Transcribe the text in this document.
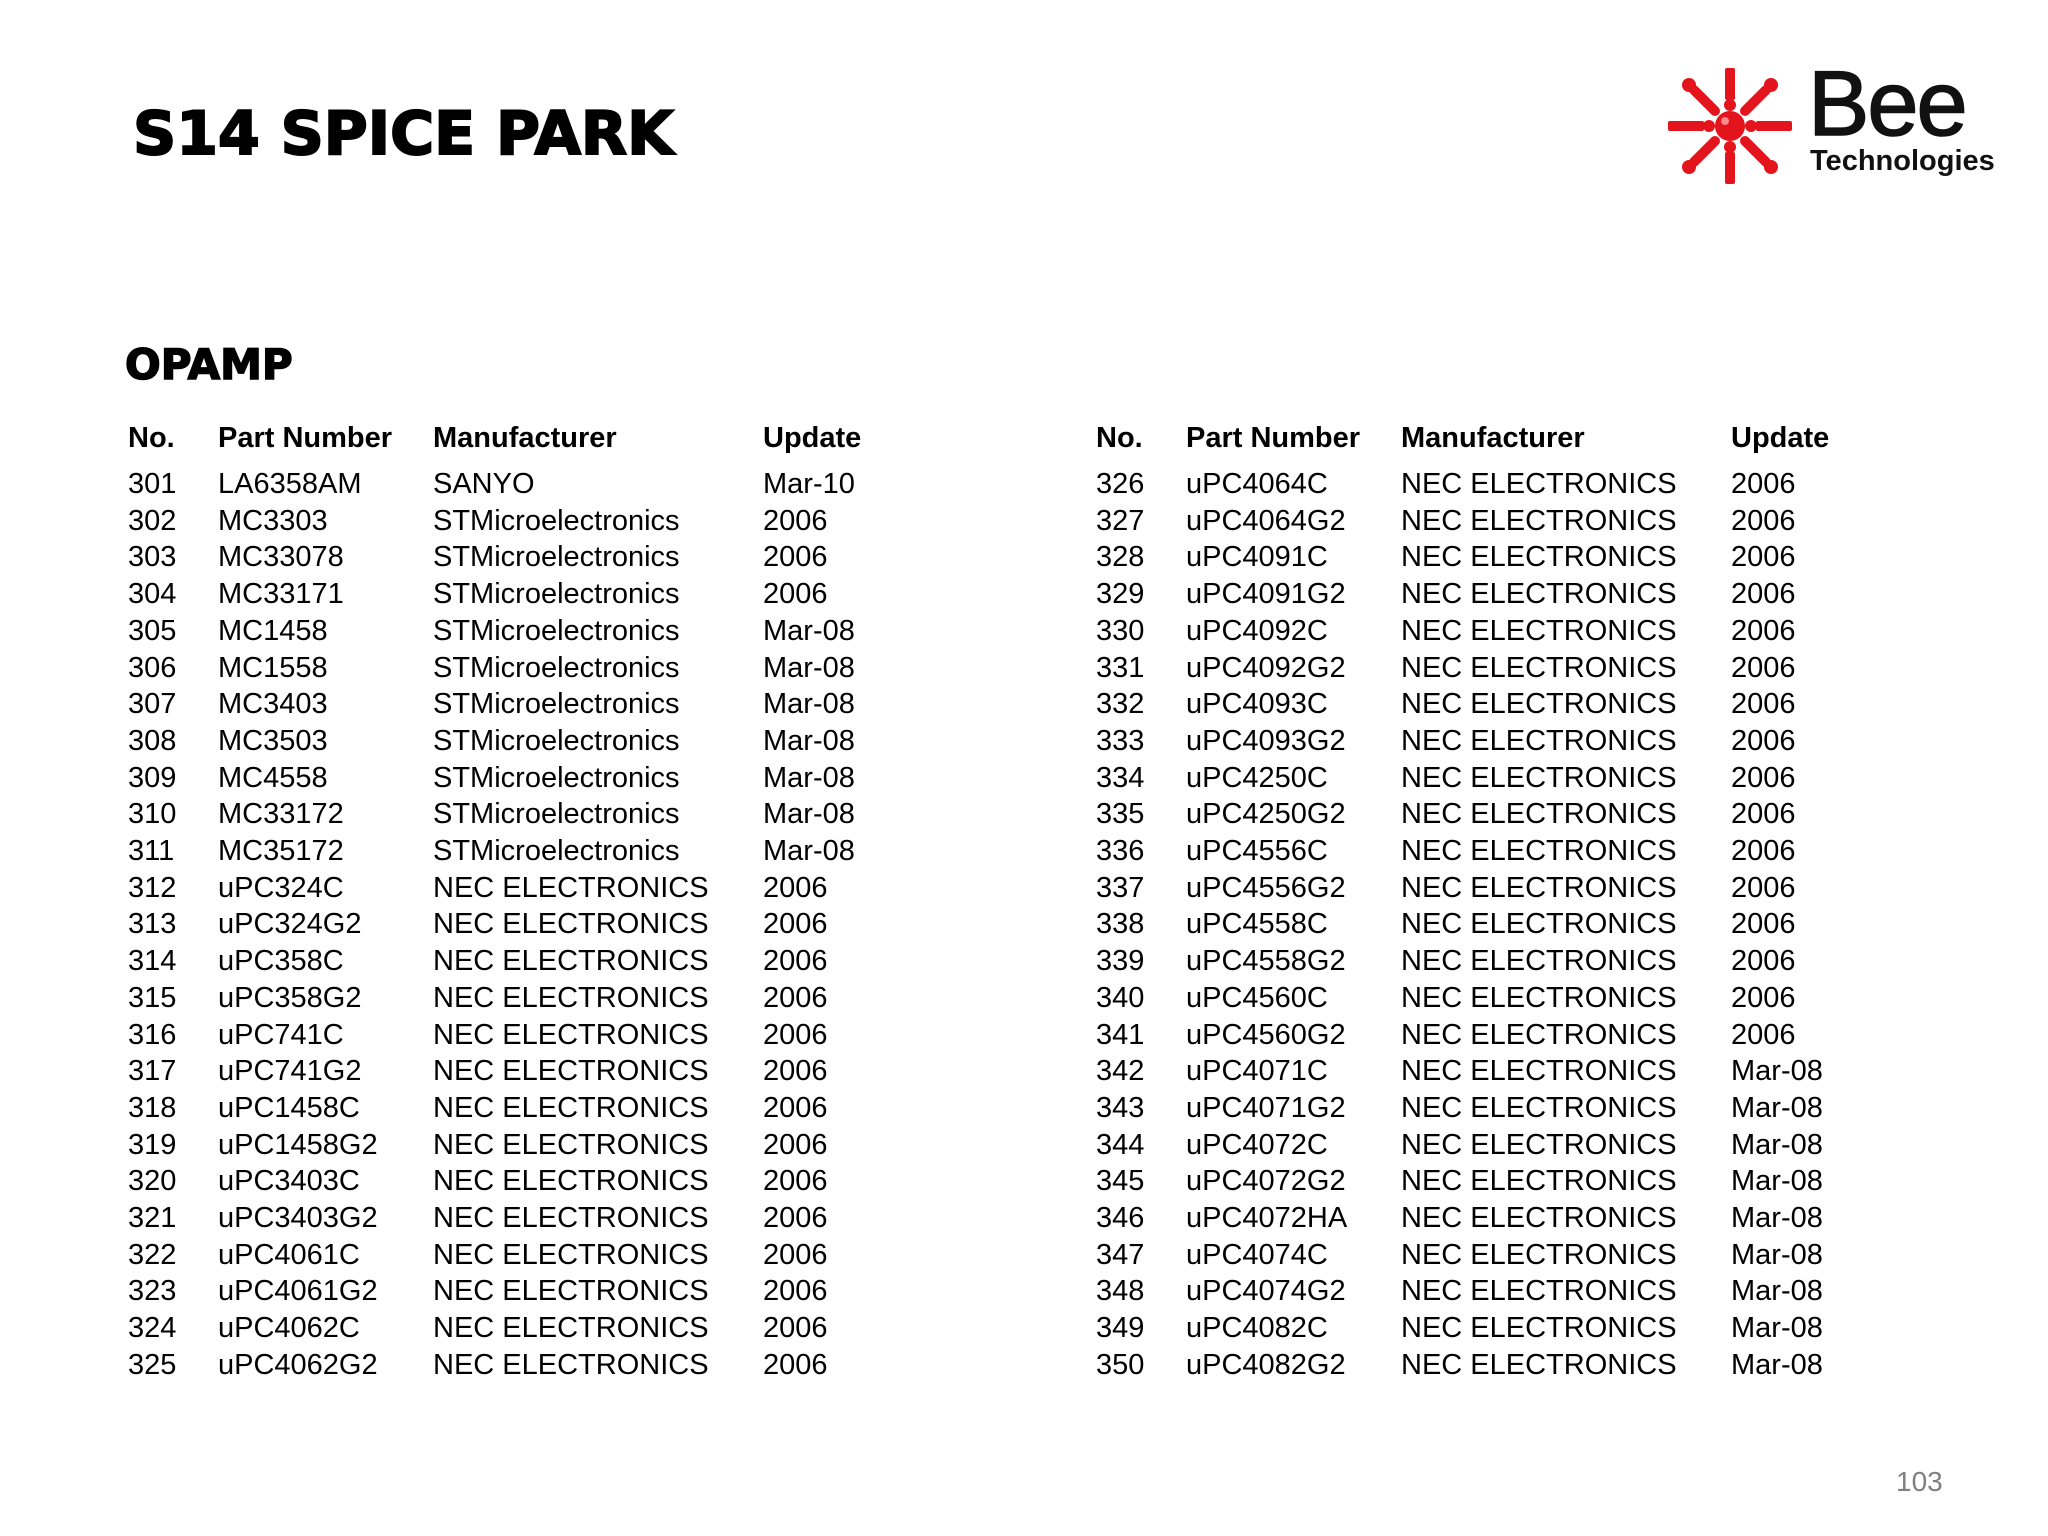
S14 SPICE PARK	Bee
Technologies
OPAMP
No.	Part Number	Manufacturer	Update
301	LA6358AM	SANYO	Mar-10
302	MC3303	STMicroelectronics	2006
303	MC33078	STMicroelectronics	2006
304	MC33171	STMicroelectronics	2006
305	MC1458	STMicroelectronics	Mar-08
306	MC1558	STMicroelectronics	Mar-08
307	MC3403	STMicroelectronics	Mar-08
308	MC3503	STMicroelectronics	Mar-08
309	MC4558	STMicroelectronics	Mar-08
310	MC33172	STMicroelectronics	Mar-08
311	MC35172	STMicroelectronics	Mar-08
312	uPC324C	NEC ELECTRONICS	2006
313	uPC324G2	NEC ELECTRONICS	2006
314	uPC358C	NEC ELECTRONICS	2006
315	uPC358G2	NEC ELECTRONICS	2006
316	uPC741C	NEC ELECTRONICS	2006
317	uPC741G2	NEC ELECTRONICS	2006
318	uPC1458C	NEC ELECTRONICS	2006
319	uPC1458G2	NEC ELECTRONICS	2006
320	uPC3403C	NEC ELECTRONICS	2006
321	uPC3403G2	NEC ELECTRONICS	2006
322	uPC4061C	NEC ELECTRONICS	2006
323	uPC4061G2	NEC ELECTRONICS	2006
324	uPC4062C	NEC ELECTRONICS	2006
325	uPC4062G2	NEC ELECTRONICS	2006
No.	Part Number	Manufacturer	Update
326	uPC4064C	NEC ELECTRONICS	2006
327	uPC4064G2	NEC ELECTRONICS	2006
328	uPC4091C	NEC ELECTRONICS	2006
329	uPC4091G2	NEC ELECTRONICS	2006
330	uPC4092C	NEC ELECTRONICS	2006
331	uPC4092G2	NEC ELECTRONICS	2006
332	uPC4093C	NEC ELECTRONICS	2006
333	uPC4093G2	NEC ELECTRONICS	2006
334	uPC4250C	NEC ELECTRONICS	2006
335	uPC4250G2	NEC ELECTRONICS	2006
336	uPC4556C	NEC ELECTRONICS	2006
337	uPC4556G2	NEC ELECTRONICS	2006
338	uPC4558C	NEC ELECTRONICS	2006
339	uPC4558G2	NEC ELECTRONICS	2006
340	uPC4560C	NEC ELECTRONICS	2006
341	uPC4560G2	NEC ELECTRONICS	2006
342	uPC4071C	NEC ELECTRONICS	Mar-08
343	uPC4071G2	NEC ELECTRONICS	Mar-08
344	uPC4072C	NEC ELECTRONICS	Mar-08
345	uPC4072G2	NEC ELECTRONICS	Mar-08
346	uPC4072HA	NEC ELECTRONICS	Mar-08
347	uPC4074C	NEC ELECTRONICS	Mar-08
348	uPC4074G2	NEC ELECTRONICS	Mar-08
349	uPC4082C	NEC ELECTRONICS	Mar-08
350	uPC4082G2	NEC ELECTRONICS	Mar-08
103
